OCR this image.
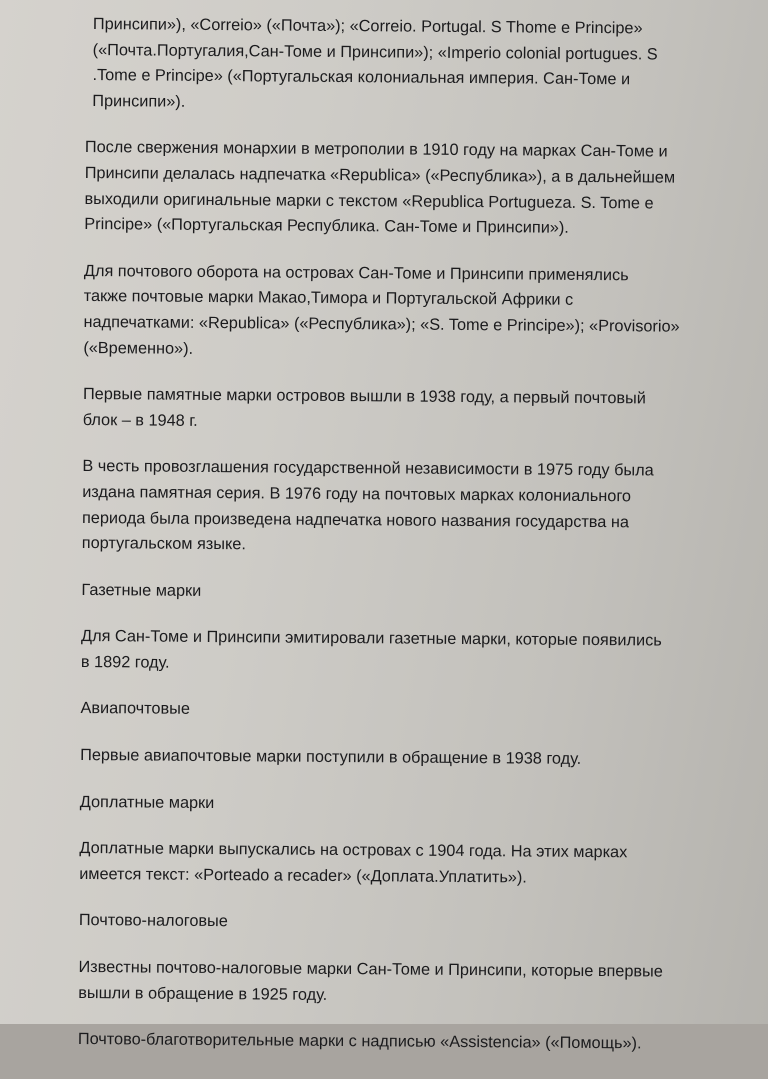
Принсипи»), «Correio» («Почта»); «Correio. Portugal. S Thome e Principe»
(«Почта.Португалия,Сан-Томе и Принсипи»); «Imperio colonial portugues. S
.Tome e Principe» («Португальская колониальная империя. Сан-Томе и
Принсипи»).

После свержения монархии в метрополии в 1910 году на марках Сан-Томе и
Принсипи делалась надпечатка «Republica» («Республика»), а в дальнейшем
выходили оригинальные марки с текстом «Republica Portugueza. S. Tome e
Principe» («Португальская Республика. Сан-Томе и Принсипи»).

Для почтового оборота на островах Сан-Томе и Принсипи применялись
также почтовые марки Макао,Тимора и Португальской Африки с
надпечатками: «Republica» («Республика»); «S. Tome e Principe»); «Provisorio»
(«Временно»).

Первые памятные марки островов вышли в 1938 году, а первый почтовый
блок – в 1948 г.

В честь провозглашения государственной независимости в 1975 году была
издана памятная серия. В 1976 году на почтовых марках колониального
периода была произведена надпечатка нового названия государства на
португальском языке.

Газетные марки

Для Сан-Томе и Принсипи эмитировали газетные марки, которые появились
в 1892 году.

Авиапочтовые

Первые авиапочтовые марки поступили в обращение в 1938 году.

Доплатные марки

Доплатные марки выпускались на островах с 1904 года. На этих марках
имеется текст: «Porteado a recader» («Доплата.Уплатить»).

Почтово-налоговые

Известны почтово-налоговые марки Сан-Томе и Принсипи, которые впервые
вышли в обращение в 1925 году.

Почтово-благотворительные марки с надписью «Assistencia» («Помощь»).
